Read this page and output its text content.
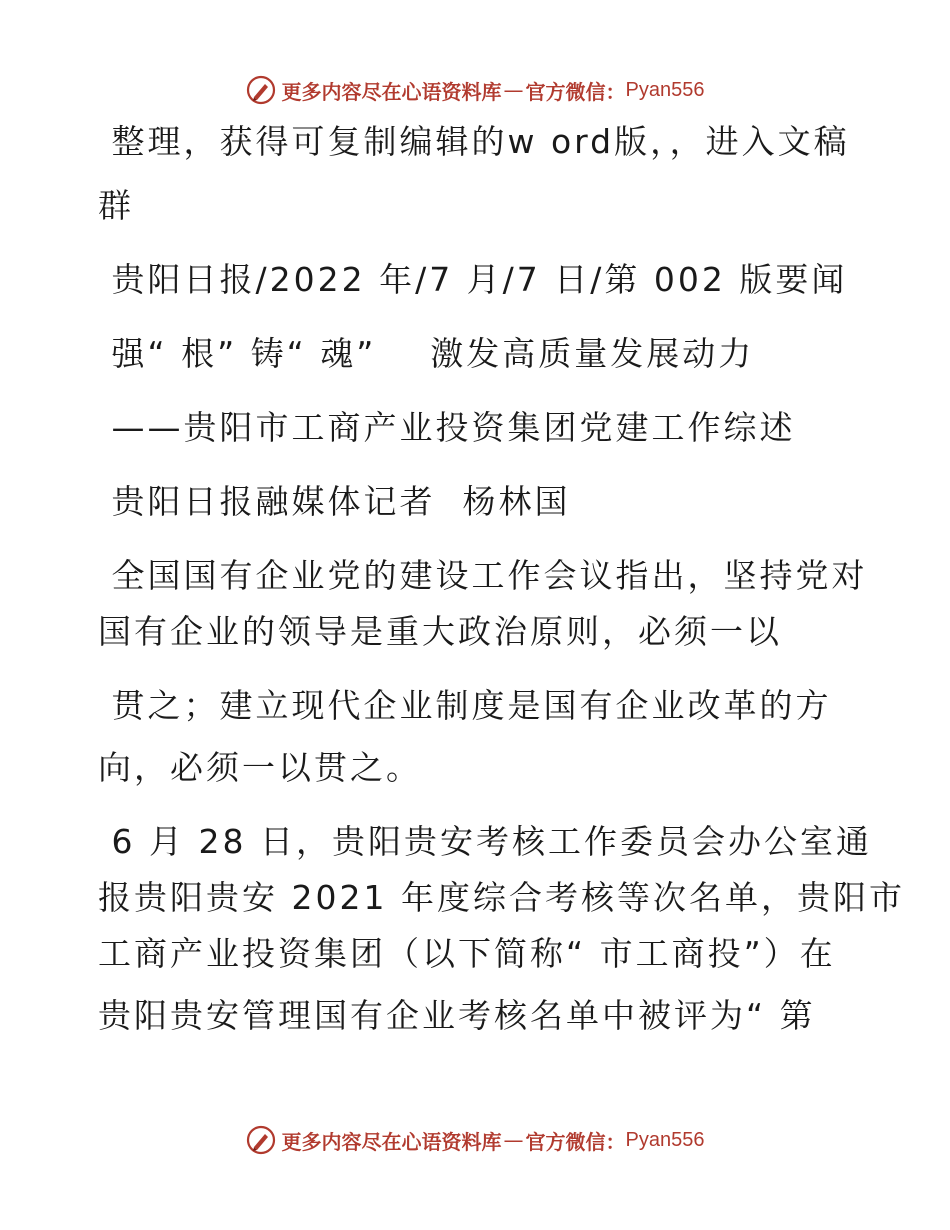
更多内容尽在心语资料库 — 官方微信： Pyan556
整理，获得可复制编辑的w ord版，，进入文稿
群
贵阳日报/2022 年/7 月/7 日/第 002 版要闻
强“ 根” 铸“ 魂”    激发高质量发展动力
——贵阳市工商产业投资集团党建工作综述
贵阳日报融媒体记者  杨林国
全国国有企业党的建设工作会议指出，坚持党对
国有企业的领导是重大政治原则，必须一以
贯之；建立现代企业制度是国有企业改革的方
向，必须一以贯之。
6 月 28 日，贵阳贵安考核工作委员会办公室通
报贵阳贵安 2021 年度综合考核等次名单，贵阳市
工商产业投资集团（以下简称“ 市工商投”）在
贵阳贵安管理国有企业考核名单中被评为“ 第
更多内容尽在心语资料库 — 官方微信： Pyan556
